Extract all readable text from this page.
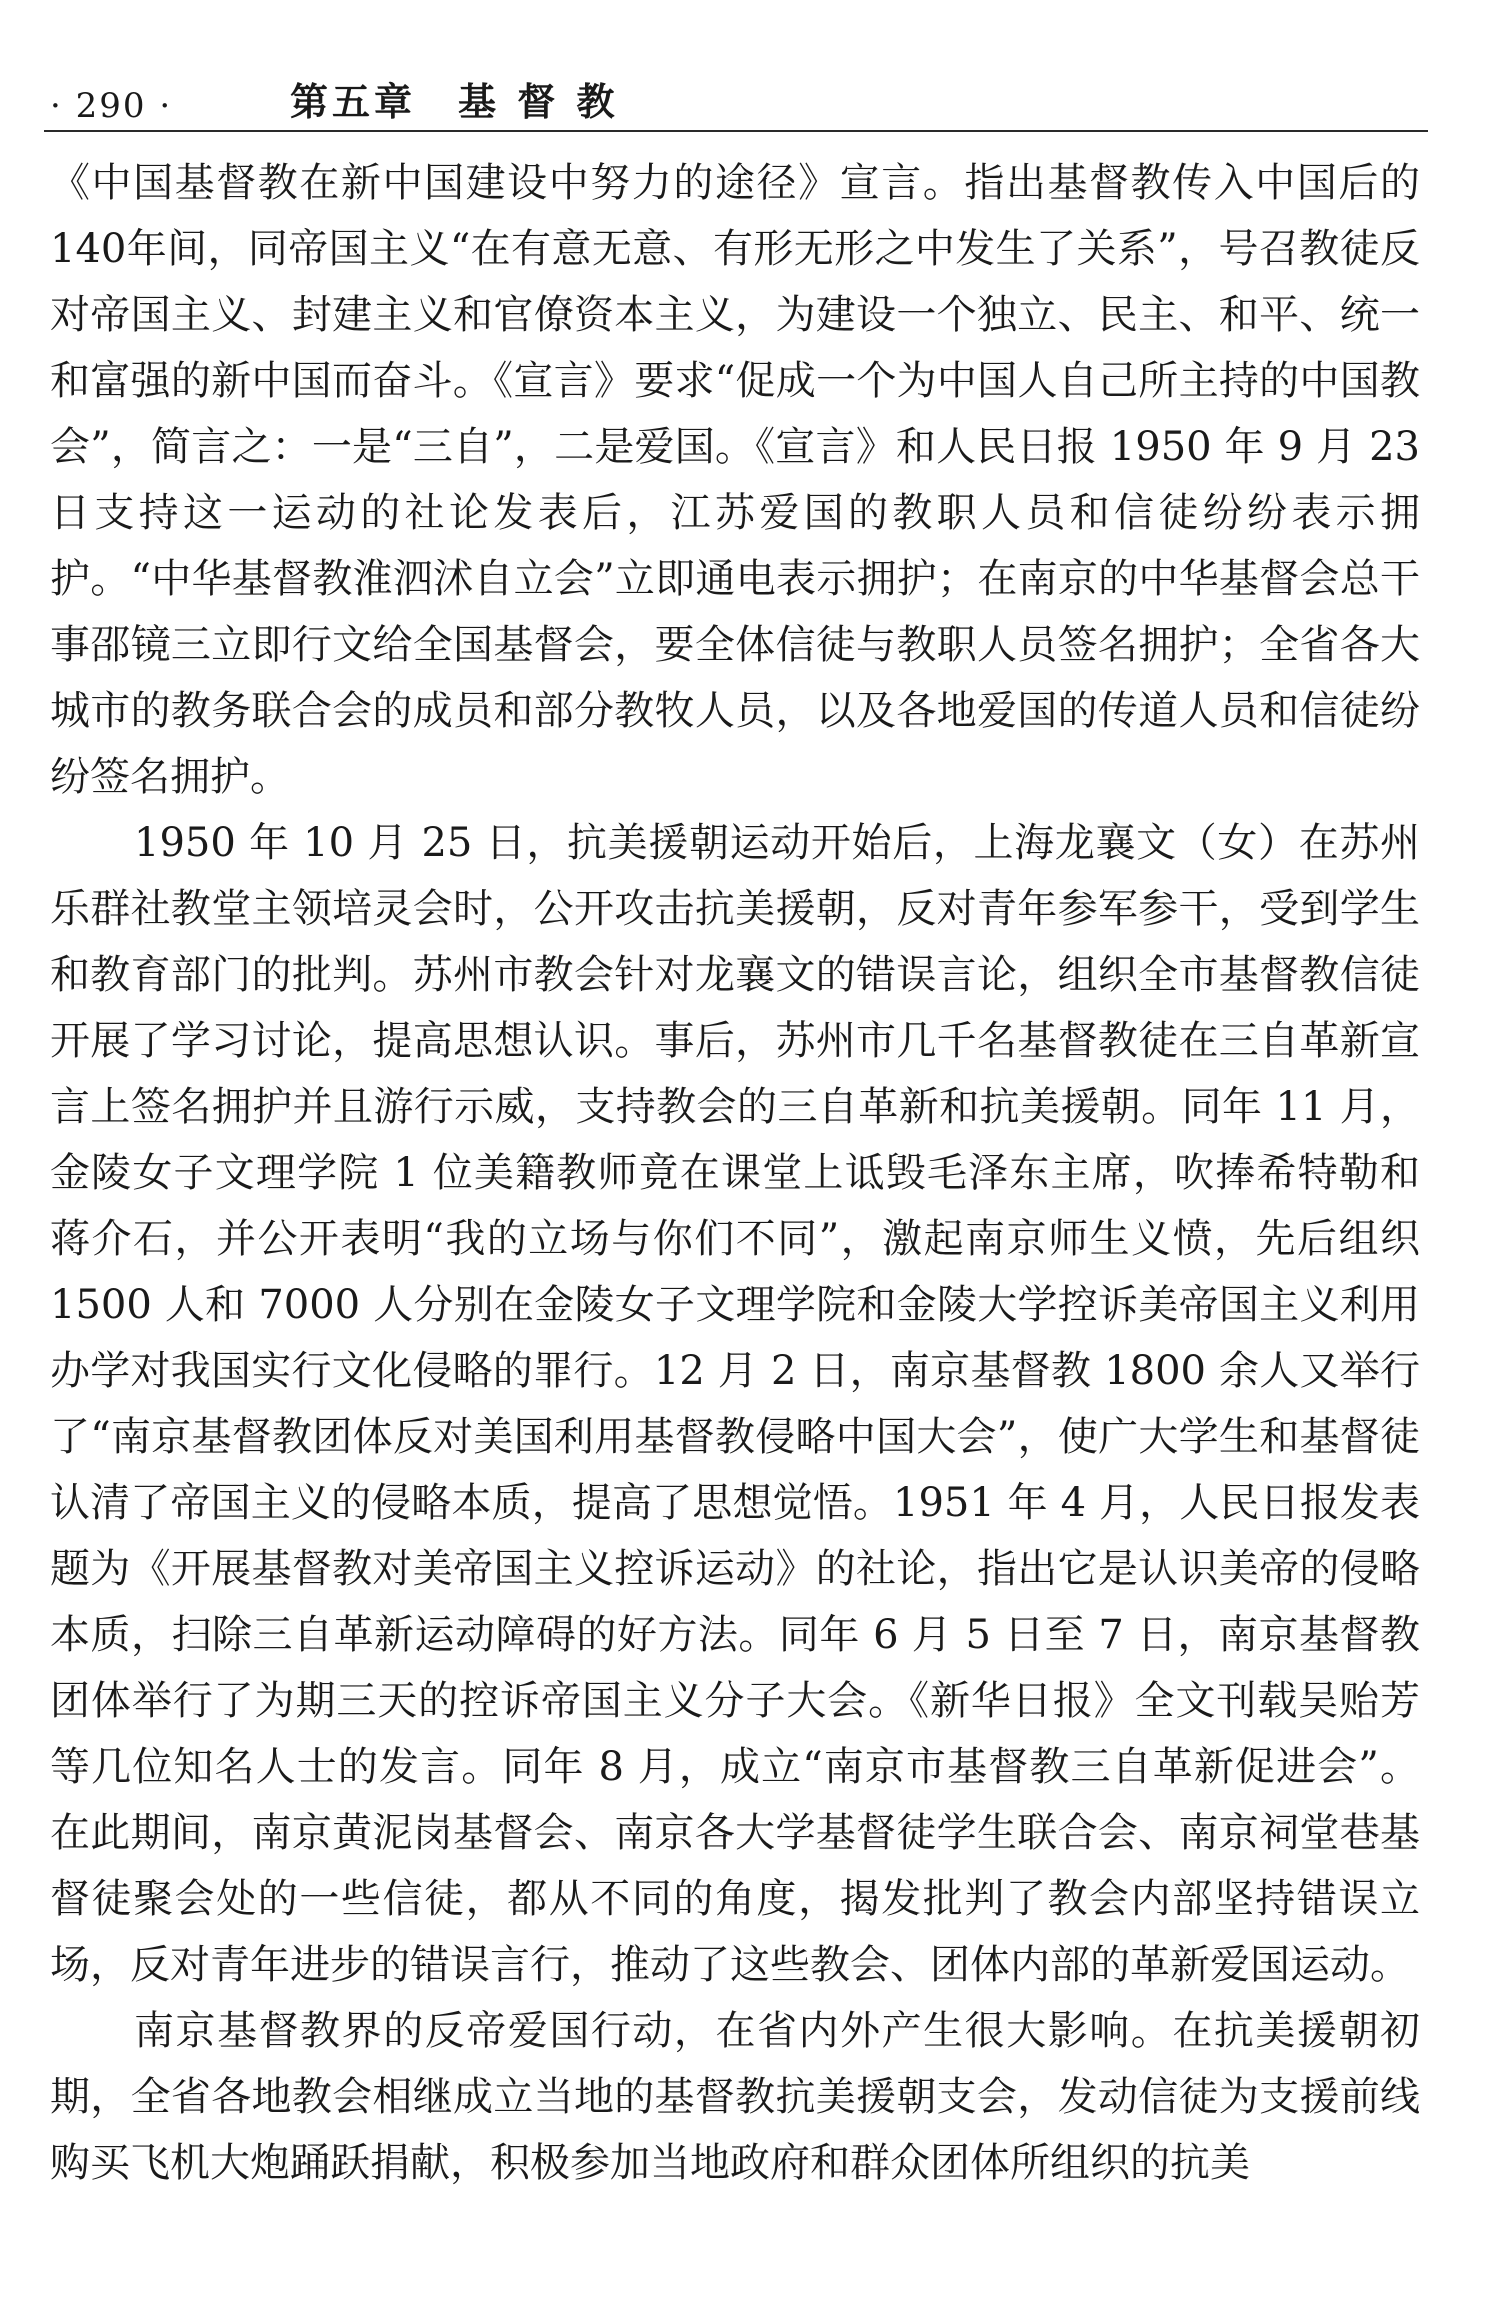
· 290 ·	第五章　基 督 教

《中国基督教在新中国建设中努力的途径》宣言。指出基督教传入中国后的140年间，同帝国主义“在有意无意、有形无形之中发生了关系”，号召教徒反对帝国主义、封建主义和官僚资本主义，为建设一个独立、民主、和平、统一和富强的新中国而奋斗。《宣言》要求“促成一个为中国人自己所主持的中国教会”，简言之：一是“三自”，二是爱国。《宣言》和人民日报 1950 年 9 月 23 日支持这一运动的社论发表后，江苏爱国的教职人员和信徒纷纷表示拥护。“中华基督教淮泗沭自立会”立即通电表示拥护；在南京的中华基督会总干事邵镜三立即行文给全国基督会，要全体信徒与教职人员签名拥护；全省各大城市的教务联合会的成员和部分教牧人员，以及各地爱国的传道人员和信徒纷纷签名拥护。

1950 年 10 月 25 日，抗美援朝运动开始后，上海龙襄文（女）在苏州乐群社教堂主领培灵会时，公开攻击抗美援朝，反对青年参军参干，受到学生和教育部门的批判。苏州市教会针对龙襄文的错误言论，组织全市基督教信徒开展了学习讨论，提高思想认识。事后，苏州市几千名基督教徒在三自革新宣言上签名拥护并且游行示威，支持教会的三自革新和抗美援朝。同年 11 月，金陵女子文理学院 1 位美籍教师竟在课堂上诋毁毛泽东主席，吹捧希特勒和蒋介石，并公开表明“我的立场与你们不同”，激起南京师生义愤，先后组织 1500 人和 7000 人分别在金陵女子文理学院和金陵大学控诉美帝国主义利用办学对我国实行文化侵略的罪行。12 月 2 日，南京基督教 1800 余人又举行了“南京基督教团体反对美国利用基督教侵略中国大会”，使广大学生和基督徒认清了帝国主义的侵略本质，提高了思想觉悟。1951 年 4 月，人民日报发表题为《开展基督教对美帝国主义控诉运动》的社论，指出它是认识美帝的侵略本质，扫除三自革新运动障碍的好方法。同年 6 月 5 日至 7 日，南京基督教团体举行了为期三天的控诉帝国主义分子大会。《新华日报》全文刊载吴贻芳等几位知名人士的发言。同年 8 月，成立“南京市基督教三自革新促进会”。在此期间，南京黄泥岗基督会、南京各大学基督徒学生联合会、南京祠堂巷基督徒聚会处的一些信徒，都从不同的角度，揭发批判了教会内部坚持错误立场，反对青年进步的错误言行，推动了这些教会、团体内部的革新爱国运动。

南京基督教界的反帝爱国行动，在省内外产生很大影响。在抗美援朝初期，全省各地教会相继成立当地的基督教抗美援朝支会，发动信徒为支援前线购买飞机大炮踊跃捐献，积极参加当地政府和群众团体所组织的抗美
